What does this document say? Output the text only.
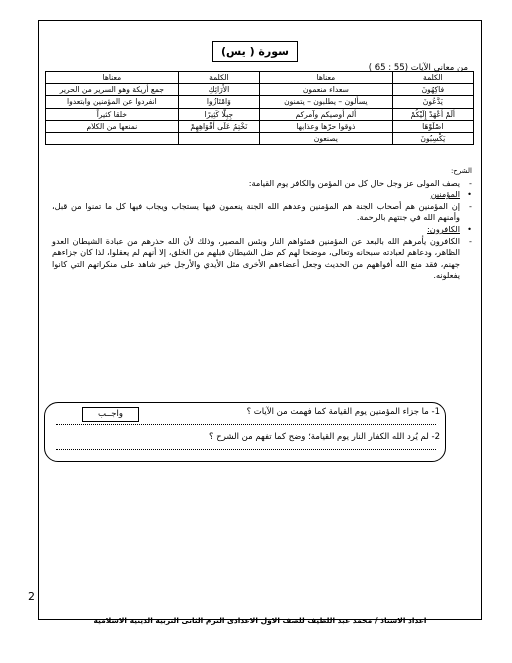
سورة ( يس)
من معاني الآيات (55 : 65 )
الكلمة	معناها	الكلمة	معناها
فاكِهُونَ	سعداء منعمون	الأَرَائِكِ	جمع أريكة وهو السرير من الحرير
يَدَّعُونَ	يسألون – يطلبون – يتمنون	وَامْتَازُوا	انفردوا عن المؤمنين وابتعدوا
أَلَمْ أَعْهَدْ إِلَيْكُمْ	ألم أوصيكم وآمركم	جِبِلًّا كَثِيرًا	خلقا كثيراً
اصْلَوْهَا	ذوقوا حرّها وعذابها	نَخْتِمُ عَلَى أَفْوَاهِهِمْ	نمنعها من الكلام
يَكْسِبُونَ	يصنعون		
الشرح:
-
يصف المولى عز وجل حال كل من المؤمن والكافر يوم القيامة:
•
المؤمنين
-
إن المؤمنين هم أصحاب الجنة هم المؤمنين وعدهم الله الجنة ينعمون فيها يستجاب ويجاب فيها كل ما تمنوا من قبل، وأمنهم الله في جنتهم بالرحمة.
•
الكافرون:
-
الكافرون يأمرهم الله بالبعد عن المؤمنين فمثواهم النار وبئس المصير، وذلك لأن الله حذرهم من عبادة الشيطان العدو الظاهر، ودعاهم لعبادته سبحانه وتعالى، موضحا لهم كم ضل الشيطان قبلهم من الخلق، إلا أنهم لم يعقلوا، لذا كان جزاءهم جهنم، فقد منع الله أفواههم من الحديث وجعل أعضاءهم الأخرى مثل الأيدي والأرجل خير شاهد على منكراتهم التي كانوا يفعلونه.
واجــب	1- ما جزاء المؤمنين يوم القيامة كما فهمت من الآيات ؟
2- لم يُرد الله الكفار النار يوم القيامة؛ وضح كما تفهم من الشرح ؟
2
اعداد الاستاذ / محمد عبد اللطيف للصف الاول الاعدادى الترم الثانى التربية الدينية الاسلامية
